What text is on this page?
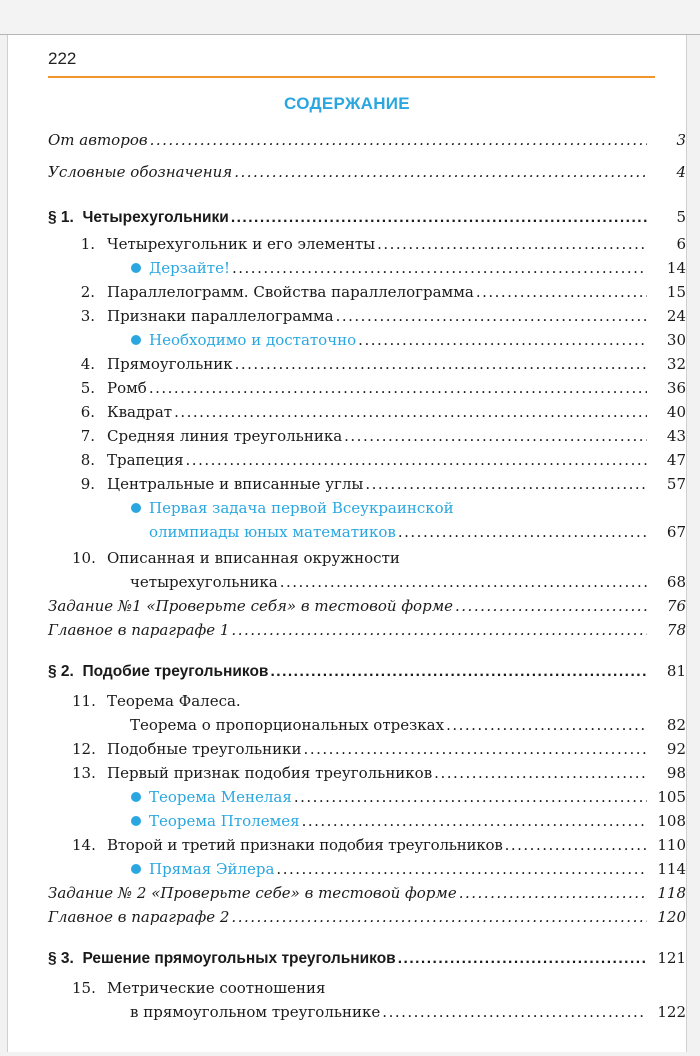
222
СОДЕРЖАНИЕ
От авторов .....	3
Условные обозначения .....	4
§ 1.  Четырехугольники .....	5
1. Четырехугольник и его элементы .....	6
Дерзайте! .....	14
2. Параллелограмм. Свойства параллелограмма .....	15
3. Признаки параллелограмма .....	24
Необходимо и достаточно .....	30
4. Прямоугольник .....	32
5. Ромб .....	36
6. Квадрат .....	40
7. Средняя линия треугольника .....	43
8. Трапеция .....	47
9. Центральные и вписанные углы .....	57
Первая задача первой Всеукраинской
олимпиады юных математиков .....	67
10. Описанная и вписанная окружности
четырехугольника .....	68
Задание №1 «Проверьте себя» в тестовой форме .....	76
Главное в параграфе 1 .....	78
§ 2.  Подобие треугольников .....	81
11. Теорема Фалеса.
Теорема о пропорциональных отрезках .....	82
12. Подобные треугольники .....	92
13. Первый признак подобия треугольников .....	98
Теорема Менелая .....	105
Теорема Птолемея .....	108
14. Второй и третий признаки подобия треугольников .....	110
Прямая Эйлера .....	114
Задание № 2 «Проверьте себе» в тестовой форме .....	118
Главное в параграфе 2 .....	120
§ 3.  Решение прямоугольных треугольников .....	121
15. Метрические соотношения
в прямоугольном треугольнике .....	122
